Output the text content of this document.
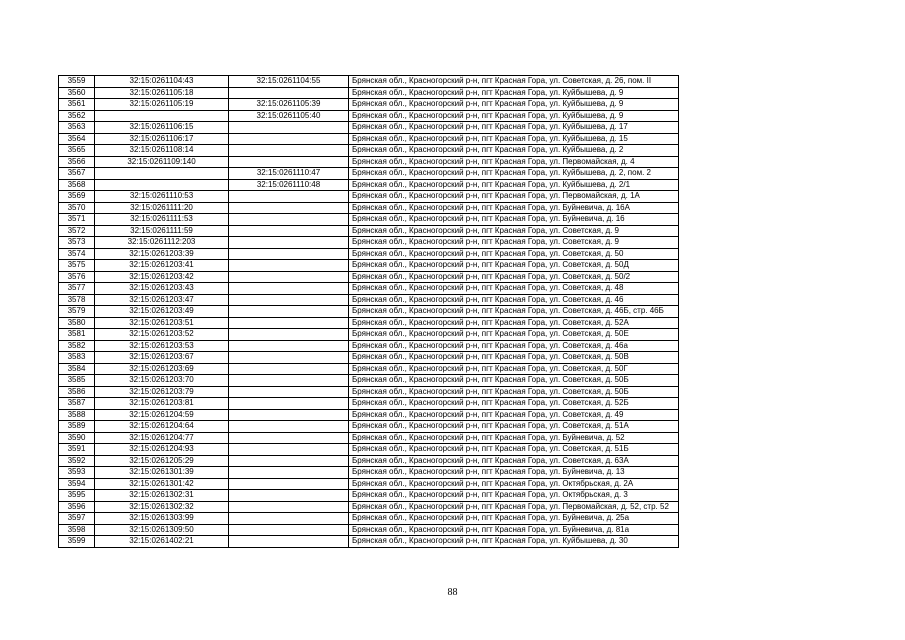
3559	32:15:0261104:43	32:15:0261104:55	Брянская обл., Красногорский р-н, пгт Красная Гора, ул. Советская, д. 26, пом. II
3560	32:15:0261105:18		Брянская обл., Красногорский р-н, пгт Красная Гора, ул. Куйбышева, д. 9
3561	32:15:0261105:19	32:15:0261105:39	Брянская обл., Красногорский р-н, пгт Красная Гора, ул. Куйбышева, д. 9
3562		32:15:0261105:40	Брянская обл., Красногорский р-н, пгт Красная Гора, ул. Куйбышева, д. 9
3563	32:15:0261106:15		Брянская обл., Красногорский р-н, пгт Красная Гора, ул. Куйбышева, д. 17
3564	32:15:0261106:17		Брянская обл., Красногорский р-н, пгт Красная Гора, ул. Куйбышева, д. 15
3565	32:15:0261108:14		Брянская обл., Красногорский р-н, пгт Красная Гора, ул. Куйбышева, д. 2
3566	32:15:0261109:140		Брянская обл., Красногорский р-н, пгт Красная Гора, ул. Первомайская, д. 4
3567		32:15:0261110:47	Брянская обл., Красногорский р-н, пгт Красная Гора, ул. Куйбышева, д. 2, пом. 2
3568		32:15:0261110:48	Брянская обл., Красногорский р-н, пгт Красная Гора, ул. Куйбышева, д. 2/1
3569	32:15:0261110:53		Брянская обл., Красногорский р-н, пгт Красная Гора, ул. Первомайская, д. 1А
3570	32:15:0261111:20		Брянская обл., Красногорский р-н, пгт Красная Гора, ул. Буйневича, д. 16А
3571	32:15:0261111:53		Брянская обл., Красногорский р-н, пгт Красная Гора, ул. Буйневича, д. 16
3572	32:15:0261111:59		Брянская обл., Красногорский р-н, пгт Красная Гора, ул. Советская, д. 9
3573	32:15:0261112:203		Брянская обл., Красногорский р-н, пгт Красная Гора, ул. Советская, д. 9
3574	32:15:0261203:39		Брянская обл., Красногорский р-н, пгт Красная Гора, ул. Советская, д. 50
3575	32:15:0261203:41		Брянская обл., Красногорский р-н, пгт Красная Гора, ул. Советская, д. 50Д
3576	32:15:0261203:42		Брянская обл., Красногорский р-н, пгт Красная Гора, ул. Советская, д. 50/2
3577	32:15:0261203:43		Брянская обл., Красногорский р-н, пгт Красная Гора, ул. Советская, д. 48
3578	32:15:0261203:47		Брянская обл., Красногорский р-н, пгт Красная Гора, ул. Советская, д. 46
3579	32:15:0261203:49		Брянская обл., Красногорский р-н, пгт Красная Гора, ул. Советская, д. 46Б, стр. 46Б
3580	32:15:0261203:51		Брянская обл., Красногорский р-н, пгт Красная Гора, ул. Советская, д. 52А
3581	32:15:0261203:52		Брянская обл., Красногорский р-н, пгт Красная Гора, ул. Советская, д. 50Е
3582	32:15:0261203:53		Брянская обл., Красногорский р-н, пгт Красная Гора, ул. Советская, д. 46а
3583	32:15:0261203:67		Брянская обл., Красногорский р-н, пгт Красная Гора, ул. Советская, д. 50В
3584	32:15:0261203:69		Брянская обл., Красногорский р-н, пгт Красная Гора, ул. Советская, д. 50Г
3585	32:15:0261203:70		Брянская обл., Красногорский р-н, пгт Красная Гора, ул. Советская, д. 50Б
3586	32:15:0261203:79		Брянская обл., Красногорский р-н, пгт Красная Гора, ул. Советская, д. 50Б
3587	32:15:0261203:81		Брянская обл., Красногорский р-н, пгт Красная Гора, ул. Советская, д. 52Б
3588	32:15:0261204:59		Брянская обл., Красногорский р-н, пгт Красная Гора, ул. Советская, д. 49
3589	32:15:0261204:64		Брянская обл., Красногорский р-н, пгт Красная Гора, ул. Советская, д. 51А
3590	32:15:0261204:77		Брянская обл., Красногорский р-н, пгт Красная Гора, ул. Буйневича, д. 52
3591	32:15:0261204:93		Брянская обл., Красногорский р-н, пгт Красная Гора, ул. Советская, д. 51Б
3592	32:15:0261205:29		Брянская обл., Красногорский р-н, пгт Красная Гора, ул. Советская, д. 63А
3593	32:15:0261301:39		Брянская обл., Красногорский р-н, пгт Красная Гора, ул. Буйневича, д. 13
3594	32:15:0261301:42		Брянская обл., Красногорский р-н, пгт Красная Гора, ул. Октябрьская, д. 2А
3595	32:15:0261302:31		Брянская обл., Красногорский р-н, пгт Красная Гора, ул. Октябрьская, д. 3
3596	32:15:0261302:32		Брянская обл., Красногорский р-н, пгт Красная Гора, ул. Первомайская, д. 52, стр. 52
3597	32:15:0261303:99		Брянская обл., Красногорский р-н, пгт Красная Гора, ул. Буйневича, д. 25а
3598	32:15:0261309:50		Брянская обл., Красногорский р-н, пгт Красная Гора, ул. Буйневича, д. 81а
3599	32:15:0261402:21		Брянская обл., Красногорский р-н, пгт Красная Гора, ул. Куйбышева, д. 30
88
